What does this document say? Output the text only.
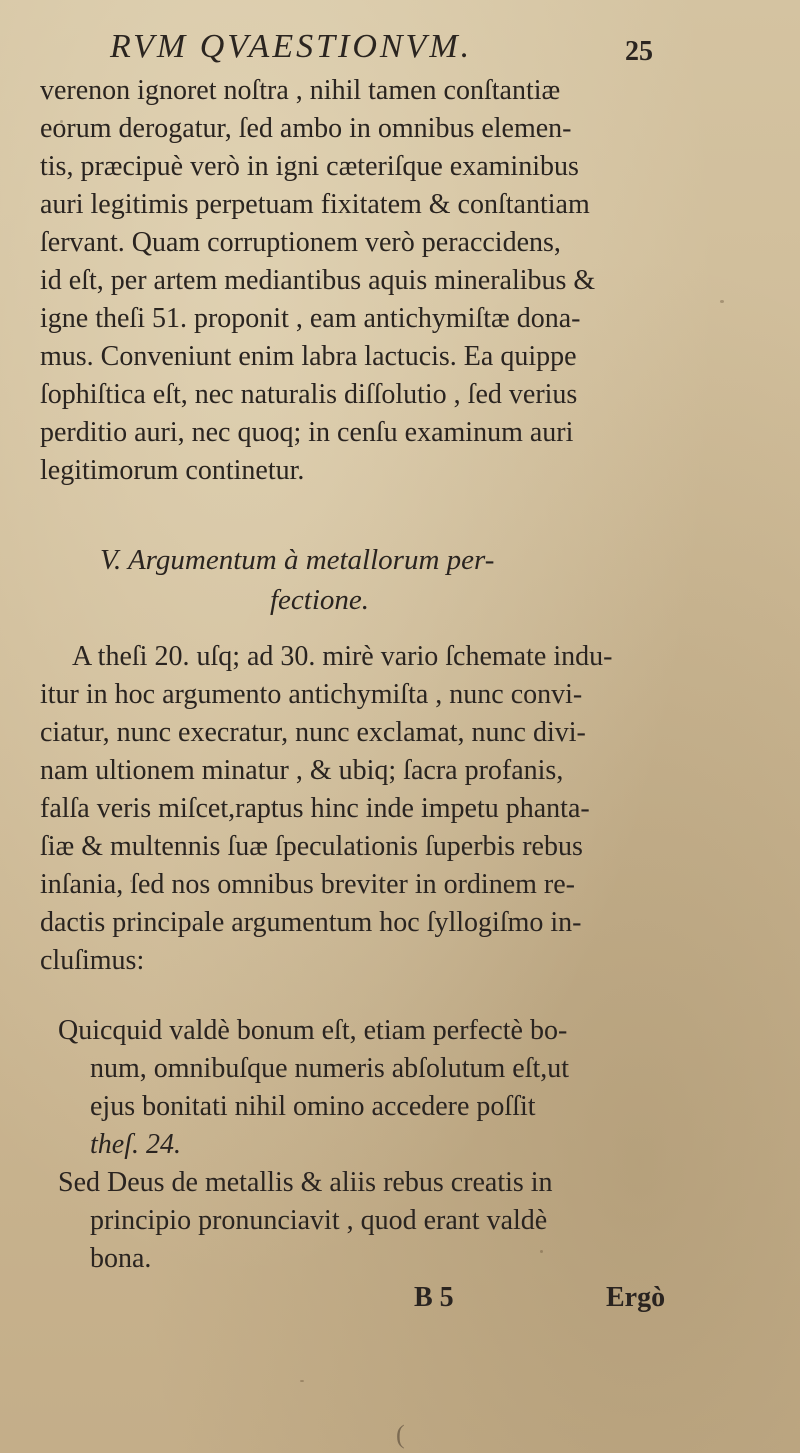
RVM QVAESTIONVM.	25
verenon ignoret noſtra , nihil tamen conſtantiæ
eorum derogatur, ſed ambo in omnibus elemen-
tis, præcipuè verò in igni cæteriſque examinibus
auri legitimis perpetuam fixitatem & conſtantiam
ſervant. Quam corruptionem verò peraccidens,
id eſt, per artem mediantibus aquis mineralibus &
igne theſi 51. proponit , eam antichymiſtæ dona-
mus. Conveniunt enim labra lactucis. Ea quippe
ſophiſtica eſt, nec naturalis diſſolutio , ſed verius
perditio auri, nec quoq; in cenſu examinum auri
legitimorum continetur.
V. Argumentum à metallorum per-
fectione.
A theſi 20. uſq; ad 30. mirè vario ſchemate indu-
itur in hoc argumento antichymiſta , nunc convi-
ciatur, nunc execratur, nunc exclamat, nunc divi-
nam ultionem minatur , & ubiq; ſacra profanis,
falſa veris miſcet,raptus hinc inde impetu phanta-
ſiæ & multennis ſuæ ſpeculationis ſuperbis rebus
inſania, ſed nos omnibus breviter in ordinem re-
dactis principale argumentum hoc ſyllogiſmo in-
cluſimus:
Quicquid valdè bonum eſt, etiam perfectè bo-
num, omnibuſque numeris abſolutum eſt,ut
ejus bonitati nihil omino accedere poſſit
theſ. 24.
Sed Deus de metallis & aliis rebus creatis in
principio pronunciavit , quod erant valdè
bona.
B 5	Ergò
(
